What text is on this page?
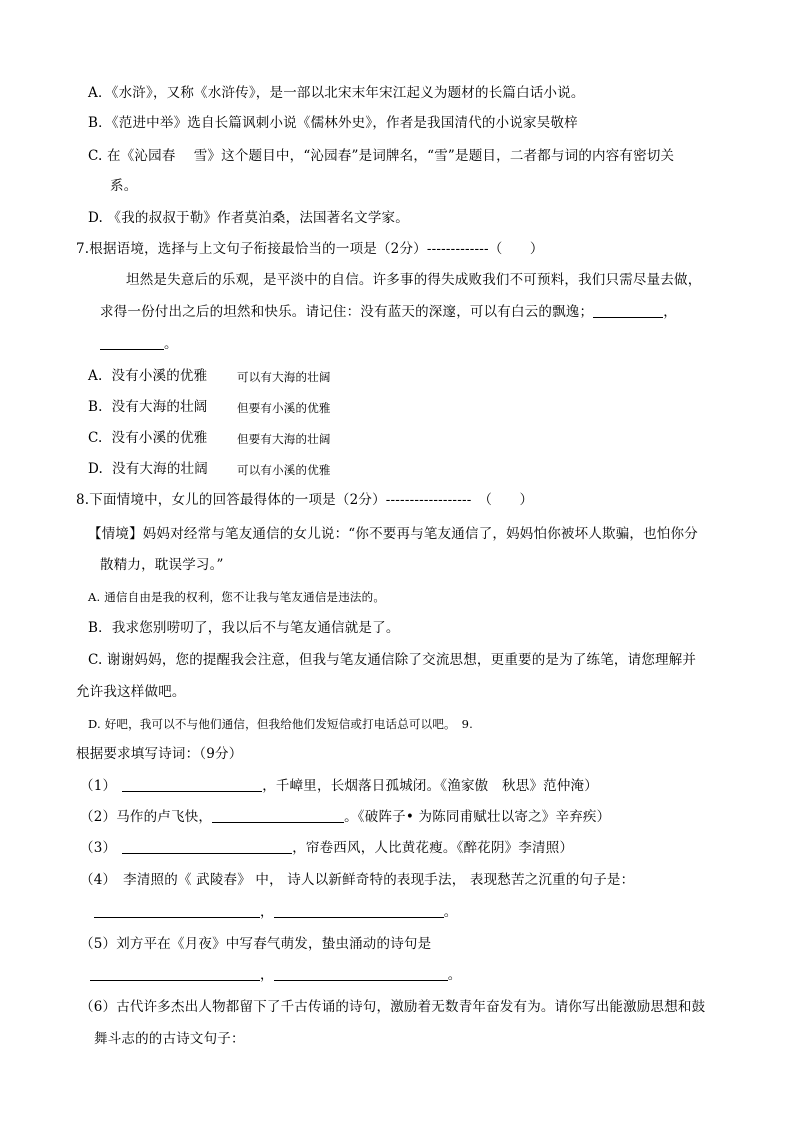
A．《水浒》，又称《水浒传》，是一部以北宋末年宋江起义为题材的长篇白话小说。
B．《范进中举》选自长篇讽刺小说《儒林外史》，作者是我国清代的小说家吴敬梓
C. 在《沁园春　 雪》这个题目中，“沁园春”是词牌名，“雪”是题目，二者都与词的内容有密切关
系。
D. 《我的叔叔于勒》作者莫泊桑，法国著名文学家。
7.根据语境，选择与上文句子衔接最恰当的一项是（2分）-------------（　　）
坦然是失意后的乐观，是平淡中的自信。许多事的得失成败我们不可预料，我们只需尽量去做，
求得一份付出之后的坦然和快乐。请记住：没有蓝天的深邃，可以有白云的飘逸；	，
。
A. 没有小溪的优雅	可以有大海的壮阔
B. 没有大海的壮阔	但要有小溪的优雅
C. 没有小溪的优雅	但要有大海的壮阔
D. 没有大海的壮阔	可以有小溪的优雅
8.下面情境中，女儿的回答最得体的一项是（2分）------------------　（　　）
【情境】妈妈对经常与笔友通信的女儿说：“你不要再与笔友通信了，妈妈怕你被坏人欺骗，也怕你分
散精力，耽误学习。”
A. 通信自由是我的权利，您不让我与笔友通信是违法的。
B．我求您别唠叨了，我以后不与笔友通信就是了。
C. 谢谢妈妈，您的提醒我会注意，但我与笔友通信除了交流思想，更重要的是为了练笔，请您理解并
允许我这样做吧。
D. 好吧，我可以不与他们通信，但我给他们发短信或打电话总可以吧。　9.
根据要求填写诗词：（9分）
（1）	，千嶂里，长烟落日孤城闭。《渔家傲　秋思》范仲淹）
（2）马作的卢飞快，	。《破阵子• 为陈同甫赋壮以寄之》辛弃疾）
（3）	，帘卷西风，人比黄花瘦。《醉花阴》李清照）
（4）　李清照的《 武陵春》 中， 诗人以新鲜奇特的表现手法， 表现愁苦之沉重的句子是：
，	。
（5）刘方平在《月夜》中写春气萌发，蛰虫涌动的诗句是
，	。
（6）古代许多杰出人物都留下了千古传诵的诗句，激励着无数青年奋发有为。请你写出能激励思想和鼓
舞斗志的的古诗文句子：
